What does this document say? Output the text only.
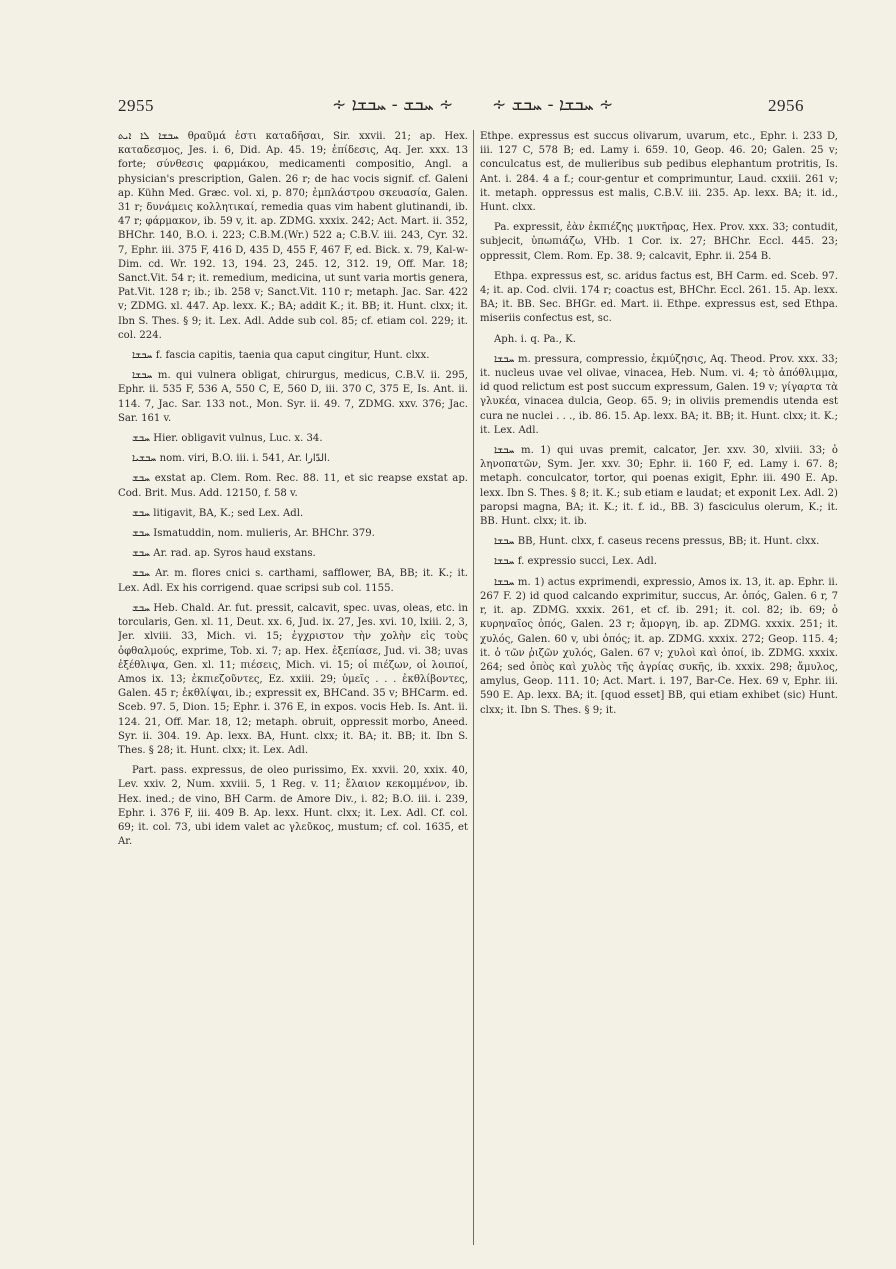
2955	∻ ܚܒܫ - ܚܒܫܐ ∻ ∻ ܚܒܫܐ - ܚܒܫ ∻	2956

ܚܒܫܐ ܠܐ ܐܝܬ θραῦμά ἐστι καταδῆσαι, Sir. xxvii. 21; ap. Hex. καταδεσμος, Jes. i. 6, Did. Ap. 45. 19; ἐπίδεσις, Aq. Jer. xxx. 13 forte; σύνθεσις φαρμάκου, medicamenti compositio, Angl. a physician's prescription, Galen. 26 r; de hac vocis signif. cf. Galeni ap. Kühn Med. Græc. vol. xi, p. 870; ἐμπλάστρου σκευασία, Galen. 31 r; δυνάμεις κολλητικαί, remedia quas vim habent glutinandi, ib. 47 r; φάρμακον, ib. 59 v, it. ap. ZDMG. xxxix. 242; Act. Mart. ii. 352, BHChr. 140, B.O. i. 223; C.B.M.(Wr.) 522 a; C.B.V. iii. 243, Cyr. 32. 7, Ephr. iii. 375 F, 416 D, 435 D, 455 F, 467 F, ed. Bick. x. 79, Kal-w-Dim. cd. Wr. 192. 13, 194. 23, 245. 12, 312. 19, Off. Mar. 18; Sanct.Vit. 54 r; it. remedium, medicina, ut sunt varia mortis genera, Pat.Vit. 128 r; ib.; ib. 258 v; Sanct.Vit. 110 r; metaph. Jac. Sar. 422 v; ZDMG. xl. 447. Ap. lexx. K.; BA; addit K.; it. BB; it. Hunt. clxx; it. Ibn S. Thes. § 9; it. Lex. Adl. Adde sub col. 85; cf. etiam col. 229; it. col. 224.

ܚܒܫܐ f. fascia capitis, taenia qua caput cingitur, Hunt. clxx.

ܚܒܫܐ m. qui vulnera obligat, chirurgus, medicus, C.B.V. ii. 295, Ephr. ii. 535 F, 536 A, 550 C, E, 560 D, iii. 370 C, 375 E, Is. Ant. ii. 114. 7, Jac. Sar. 133 not., Mon. Syr. ii. 49. 7, ZDMG. xxv. 376; Jac. Sar. 161 v.

ܚܒܫ Hier. obligavit vulnus, Luc. x. 34.

ܚܒܫܝܐ nom. viri, B.O. iii. i. 541, Ar. الدّارا.

ܚܒܫ exstat ap. Clem. Rom. Rec. 88. 11, et sic reapse exstat ap. Cod. Brit. Mus. Add. 12150, f. 58 v.

ܚܒܫ litigavit, BA, K.; sed Lex. Adl.

ܚܒܫ Ismatuddin, nom. mulieris, Ar. BHChr. 379.

ܚܒܫ Ar. rad. ap. Syros haud exstans.

ܚܒܫ Ar. m. flores cnici s. carthami, safflower, BA, BB; it. K.; it. Lex. Adl. Ex his corrigend. quae scripsi sub col. 1155.

ܚܒܫ Heb. Chald. Ar. fut. pressit, calcavit, spec. uvas, oleas, etc. in torcularis, Gen. xl. 11, Deut. xx. 6, Jud. ix. 27, Jes. xvi. 10, lxiii. 2, 3, Jer. xlviii. 33, Mich. vi. 15; ἐγχριστον τὴν χολὴν εἰς τοὺς ὀφθαλμούς, exprime, Tob. xi. 7; ap. Hex. ἐξεπίασε, Jud. vi. 38; uvas ἐξέθλιψα, Gen. xl. 11; πιέσεις, Mich. vi. 15; οἱ πιέζων, οἱ λοιποί, Amos ix. 13; ἐκπιεζοῦντες, Ez. xxiii. 29; ὑμεῖς . . . ἐκθλίβοντες, Galen. 45 r; ἐκθλίψαι, ib.; expressit ex, BHCand. 35 v; BHCarm. ed. Sceb. 97. 5, Dion. 15; Ephr. i. 376 E, in expos. vocis Heb. Is. Ant. ii. 124. 21, Off. Mar. 18, 12; metaph. obruit, oppressit morbo, Aneed. Syr. ii. 304. 19. Ap. lexx. BA, Hunt. clxx; it. BA; it. BB; it. Ibn S. Thes. § 28; it. Hunt. clxx; it. Lex. Adl.

Part. pass. expressus, de oleo purissimo, Ex. xxvii. 20, xxix. 40, Lev. xxiv. 2, Num. xxviii. 5, 1 Reg. v. 11; ἔλαιον κεκομμένον, ib. Hex. ined.; de vino, BH Carm. de Amore Div., i. 82; B.O. iii. i. 239, Ephr. i. 376 F, iii. 409 B. Ap. lexx. Hunt. clxx; it. Lex. Adl. Cf. col. 69; it. col. 73, ubi idem valet ac γλεῦκος, mustum; cf. col. 1635, et Ar.

Ethpe. expressus est succus olivarum, uvarum, etc., Ephr. i. 233 D, iii. 127 C, 578 B; ed. Lamy i. 659. 10, Geop. 46. 20; Galen. 25 v; conculcatus est, de mulieribus sub pedibus elephantum protritis, Is. Ant. i. 284. 4 a f.; cour-gentur et comprimuntur, Laud. cxxiii. 261 v; it. metaph. oppressus est malis, C.B.V. iii. 235. Ap. lexx. BA; it. id., Hunt. clxx.

Pa. expressit, ἐὰν ἐκπιέζης μυκτῆρας, Hex. Prov. xxx. 33; contudit, subjecit, ὑπωπιάζω, VHb. 1 Cor. ix. 27; BHChr. Eccl. 445. 23; oppressit, Clem. Rom. Ep. 38. 9; calcavit, Ephr. ii. 254 B.

Ethpa. expressus est, sc. aridus factus est, BH Carm. ed. Sceb. 97. 4; it. ap. Cod. clvii. 174 r; coactus est, BHChr. Eccl. 261. 15. Ap. lexx. BA; it. BB. Sec. BHGr. ed. Mart. ii. Ethpe. expressus est, sed Ethpa. miseriis confectus est, sc.

Aph. i. q. Pa., K.

ܚܒܫܐ m. pressura, compressio, ἐκμύζησις, Aq. Theod. Prov. xxx. 33; it. nucleus uvae vel olivae, vinacea, Heb. Num. vi. 4; τὸ ἀπόθλιμμα, id quod relictum est post succum expressum, Galen. 19 v; γίγαρτα τὰ γλυκέα, vinacea dulcia, Geop. 65. 9; in oliviis premendis utenda est cura ne nuclei . . ., ib. 86. 15. Ap. lexx. BA; it. BB; it. Hunt. clxx; it. K.; it. Lex. Adl.

ܚܒܫܐ m. 1) qui uvas premit, calcator, Jer. xxv. 30, xlviii. 33; ὁ ληνοπατῶν, Sym. Jer. xxv. 30; Ephr. ii. 160 F, ed. Lamy i. 67. 8; metaph. conculcator, tortor, qui poenas exigit, Ephr. iii. 490 E. Ap. lexx. Ibn S. Thes. § 8; it. K.; sub etiam e laudat; et exponit Lex. Adl. 2) paropsi magna, BA; it. K.; it. f. id., BB. 3) fasciculus olerum, K.; it. BB. Hunt. clxx; it. ib.

ܚܒܫܐ BB, Hunt. clxx, f. caseus recens pressus, BB; it. Hunt. clxx.

ܚܒܫܐ f. expressio succi, Lex. Adl.

ܚܒܫܐ m. 1) actus exprimendi, expressio, Amos ix. 13, it. ap. Ephr. ii. 267 F. 2) id quod calcando exprimitur, succus, Ar. ὀπός, Galen. 6 r, 7 r, it. ap. ZDMG. xxxix. 261, et cf. ib. 291; it. col. 82; ib. 69; ὁ κυρηναῖος ὀπός, Galen. 23 r; ἄμοργη, ib. ap. ZDMG. xxxix. 251; it. χυλός, Galen. 60 v, ubi ὀπός; it. ap. ZDMG. xxxix. 272; Geop. 115. 4; it. ὁ τῶν ῥιζῶν χυλός, Galen. 67 v; χυλοὶ καὶ ὀποί, ib. ZDMG. xxxix. 264; sed ὀπὸς καὶ χυλὸς τῆς ἀγρίας συκῆς, ib. xxxix. 298; ἄμυλος, amylus, Geop. 111. 10; Act. Mart. i. 197, Bar-Ce. Hex. 69 v, Ephr. iii. 590 E. Ap. lexx. BA; it. [quod esset] BB, qui etiam exhibet (sic) Hunt. clxx; it. Ibn S. Thes. § 9; it.
